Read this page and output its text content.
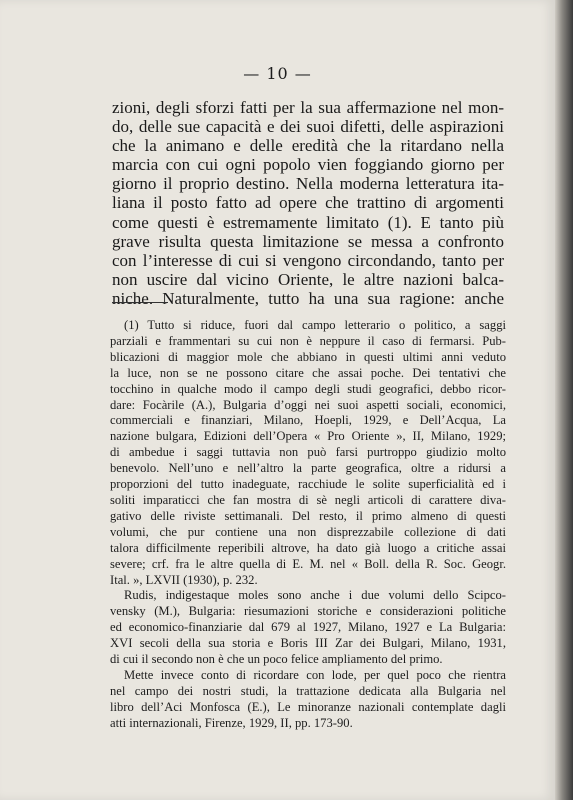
— 10 —
zioni, degli sforzi fatti per la sua affermazione nel mon-
do, delle sue capacità e dei suoi difetti, delle aspirazioni
che la animano e delle eredità che la ritardano nella
marcia con cui ogni popolo vien foggiando giorno per
giorno il proprio destino. Nella moderna letteratura ita-
liana il posto fatto ad opere che trattino di argomenti
come questi è estremamente limitato (1). E tanto più
grave risulta questa limitazione se messa a confronto
con l’interesse di cui si vengono circondando, tanto per
non uscire dal vicino Oriente, le altre nazioni balca-
niche. Naturalmente, tutto ha una sua ragione: anche
(1) Tutto si riduce, fuori dal campo letterario o politico, a saggi
parziali e frammentari su cui non è neppure il caso di fermarsi. Pub-
blicazioni di maggior mole che abbiano in questi ultimi anni veduto
la luce, non se ne possono citare che assai poche. Dei tentativi che
tocchino in qualche modo il campo degli studi geografici, debbo ricor-
dare: Focàrile (A.), Bulgaria d’oggi nei suoi aspetti sociali, economici,
commerciali e finanziari, Milano, Hoepli, 1929, e Dell’Acqua, La
nazione bulgara, Edizioni dell’Opera « Pro Oriente », II, Milano, 1929;
di ambedue i saggi tuttavia non può farsi purtroppo giudizio molto
benevolo. Nell’uno e nell’altro la parte geografica, oltre a ridursi a
proporzioni del tutto inadeguate, racchiude le solite superficialità ed i
soliti imparaticci che fan mostra di sè negli articoli di carattere diva-
gativo delle riviste settimanali. Del resto, il primo almeno di questi
volumi, che pur contiene una non disprezzabile collezione di dati
talora difficilmente reperibili altrove, ha dato già luogo a critiche assai
severe; crf. fra le altre quella di E. M. nel « Boll. della R. Soc. Geogr.
Ital. », LXVII (1930), p. 232.
Rudis, indigestaque moles sono anche i due volumi dello Scipco-
vensky (M.), Bulgaria: riesumazioni storiche e considerazioni politiche
ed economico-finanziarie dal 679 al 1927, Milano, 1927 e La Bulgaria:
XVI secoli della sua storia e Boris III Zar dei Bulgari, Milano, 1931,
di cui il secondo non è che un poco felice ampliamento del primo.
Mette invece conto di ricordare con lode, per quel poco che rientra
nel campo dei nostri studi, la trattazione dedicata alla Bulgaria nel
libro dell’Aci Monfosca (E.), Le minoranze nazionali contemplate dagli
atti internazionali, Firenze, 1929, II, pp. 173-90.
